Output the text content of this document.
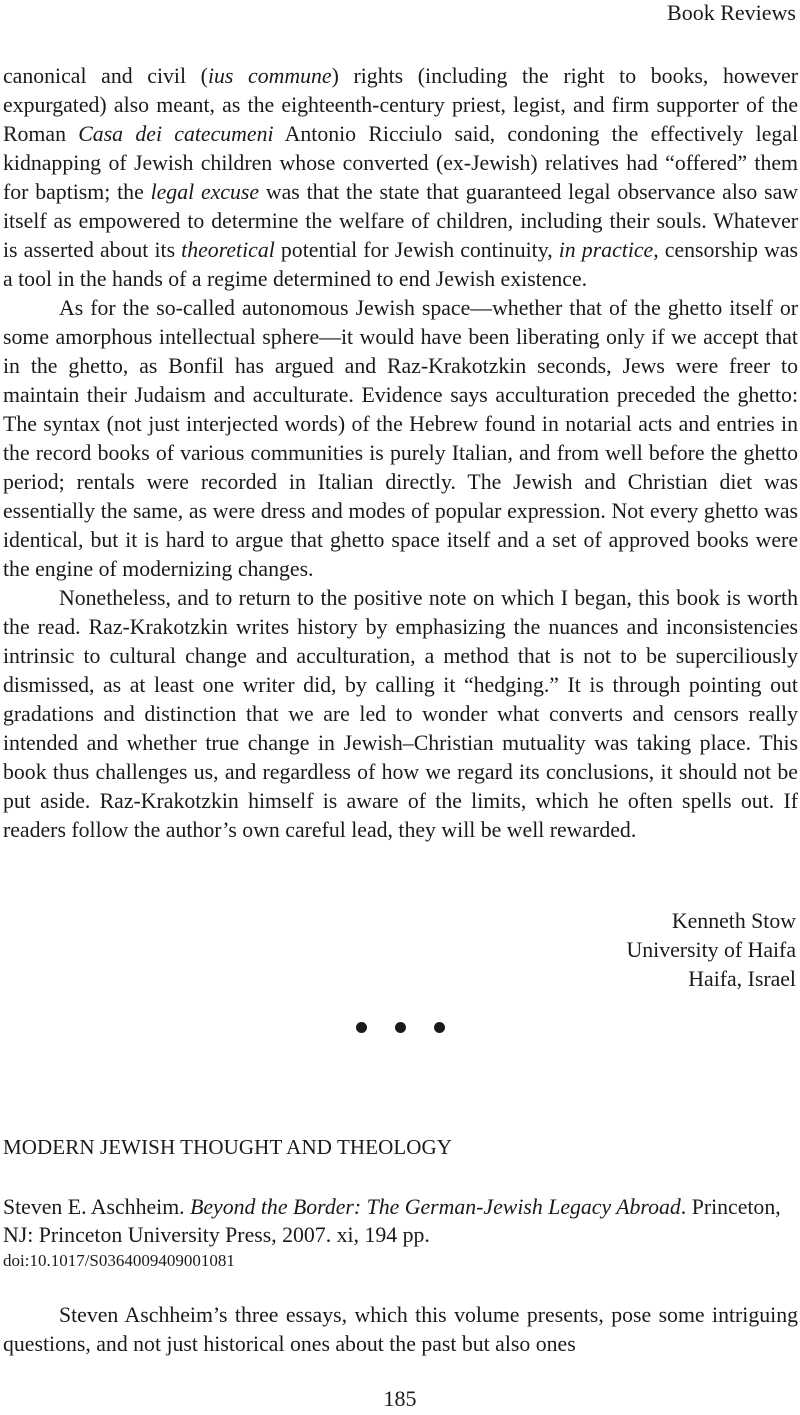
Book Reviews

canonical and civil (ius commune) rights (including the right to books, however expurgated) also meant, as the eighteenth-century priest, legist, and firm supporter of the Roman Casa dei catecumeni Antonio Ricciulo said, condoning the effectively legal kidnapping of Jewish children whose converted (ex-Jewish) relatives had “offered” them for baptism; the legal excuse was that the state that guaranteed legal observance also saw itself as empowered to determine the welfare of children, including their souls. Whatever is asserted about its theoretical potential for Jewish continuity, in practice, censorship was a tool in the hands of a regime determined to end Jewish existence.

As for the so-called autonomous Jewish space—whether that of the ghetto itself or some amorphous intellectual sphere—it would have been liberating only if we accept that in the ghetto, as Bonfil has argued and Raz-Krakotzkin seconds, Jews were freer to maintain their Judaism and acculturate. Evidence says acculturation preceded the ghetto: The syntax (not just interjected words) of the Hebrew found in notarial acts and entries in the record books of various communities is purely Italian, and from well before the ghetto period; rentals were recorded in Italian directly. The Jewish and Christian diet was essentially the same, as were dress and modes of popular expression. Not every ghetto was identical, but it is hard to argue that ghetto space itself and a set of approved books were the engine of modernizing changes.

Nonetheless, and to return to the positive note on which I began, this book is worth the read. Raz-Krakotzkin writes history by emphasizing the nuances and inconsistencies intrinsic to cultural change and acculturation, a method that is not to be superciliously dismissed, as at least one writer did, by calling it “hedging.” It is through pointing out gradations and distinction that we are led to wonder what converts and censors really intended and whether true change in Jewish–Christian mutuality was taking place. This book thus challenges us, and regardless of how we regard its conclusions, it should not be put aside. Raz-Krakotzkin himself is aware of the limits, which he often spells out. If readers follow the author’s own careful lead, they will be well rewarded.

Kenneth Stow
University of Haifa
Haifa, Israel
MODERN JEWISH THOUGHT AND THEOLOGY
Steven E. Aschheim. Beyond the Border: The German-Jewish Legacy Abroad. Princeton, NJ: Princeton University Press, 2007. xi, 194 pp.
doi:10.1017/S0364009409001081

Steven Aschheim’s three essays, which this volume presents, pose some intriguing questions, and not just historical ones about the past but also ones

185
